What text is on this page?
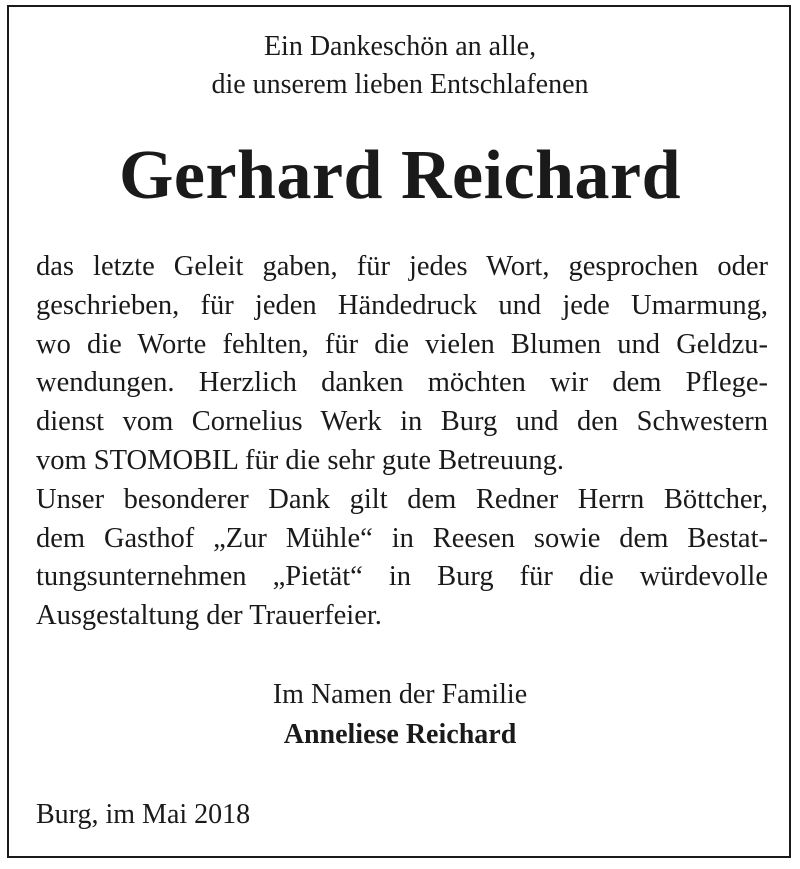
Ein Dankeschön an alle,
die unserem lieben Entschlafenen
Gerhard Reichard
das letzte Geleit gaben, für jedes Wort, gesprochen oder
geschrieben, für jeden Händedruck und jede Umarmung,
wo die Worte fehlten, für die vielen Blumen und Geldzu-
wendungen. Herzlich danken möchten wir dem Pflege-
dienst vom Cornelius Werk in Burg und den Schwestern
vom STOMOBIL für die sehr gute Betreuung.
Unser besonderer Dank gilt dem Redner Herrn Böttcher,
dem Gasthof „Zur Mühle“ in Reesen sowie dem Bestat-
tungsunternehmen „Pietät“ in Burg für die würdevolle
Ausgestaltung der Trauerfeier.
Im Namen der Familie
Anneliese Reichard
Burg, im Mai 2018
